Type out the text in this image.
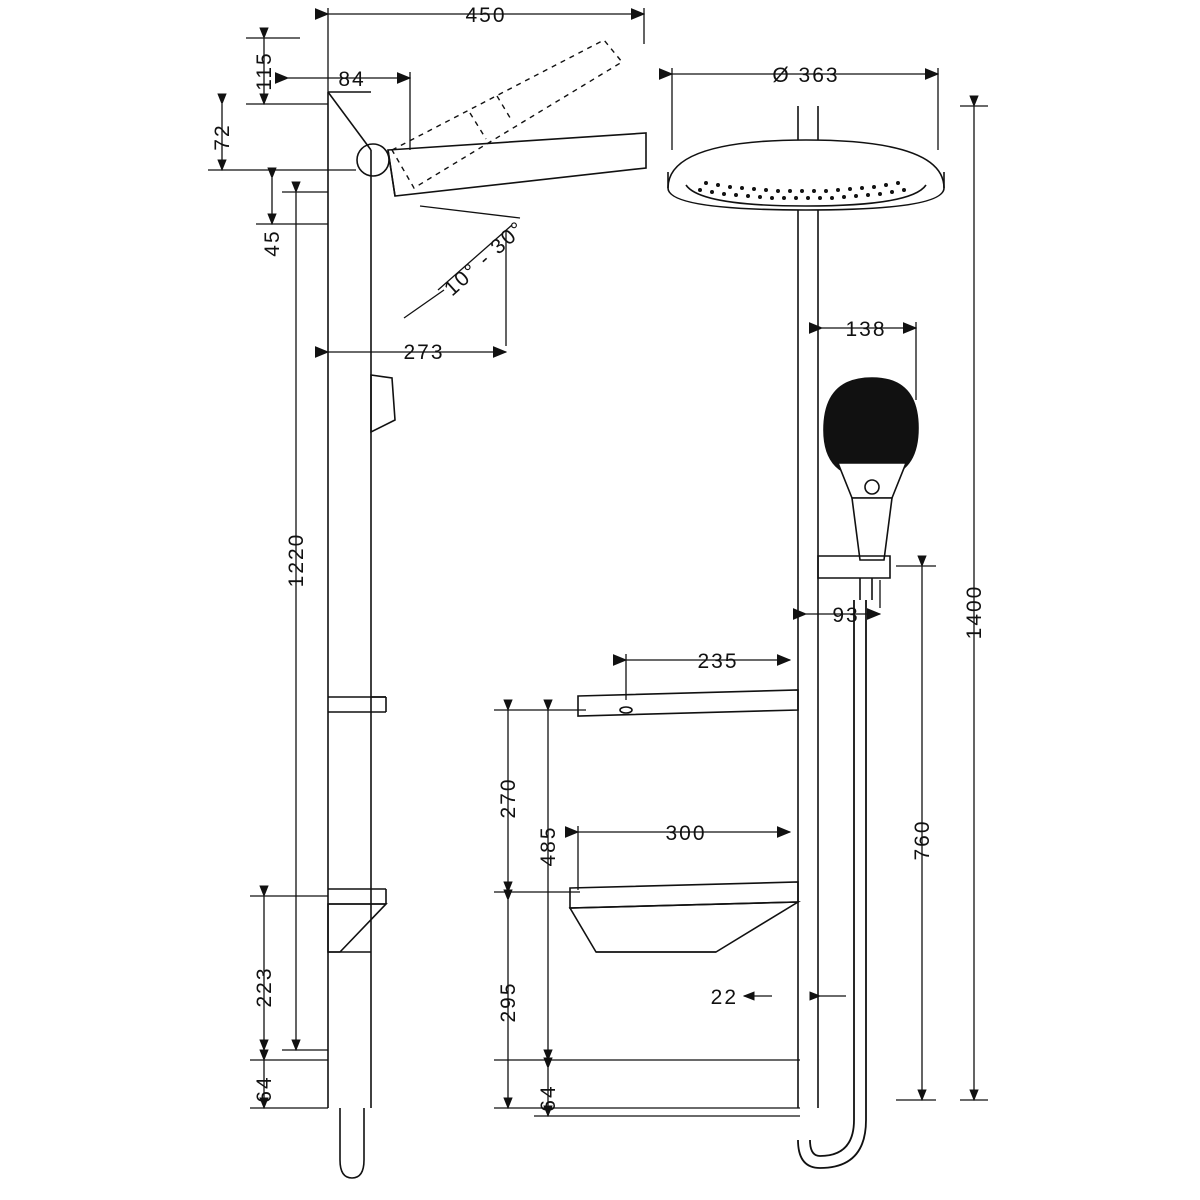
450
115
72
84
45
273
10° - 30°
1220
223
64
Ø 363
138
93
235
300
270
485
295
64
760
1400
22
